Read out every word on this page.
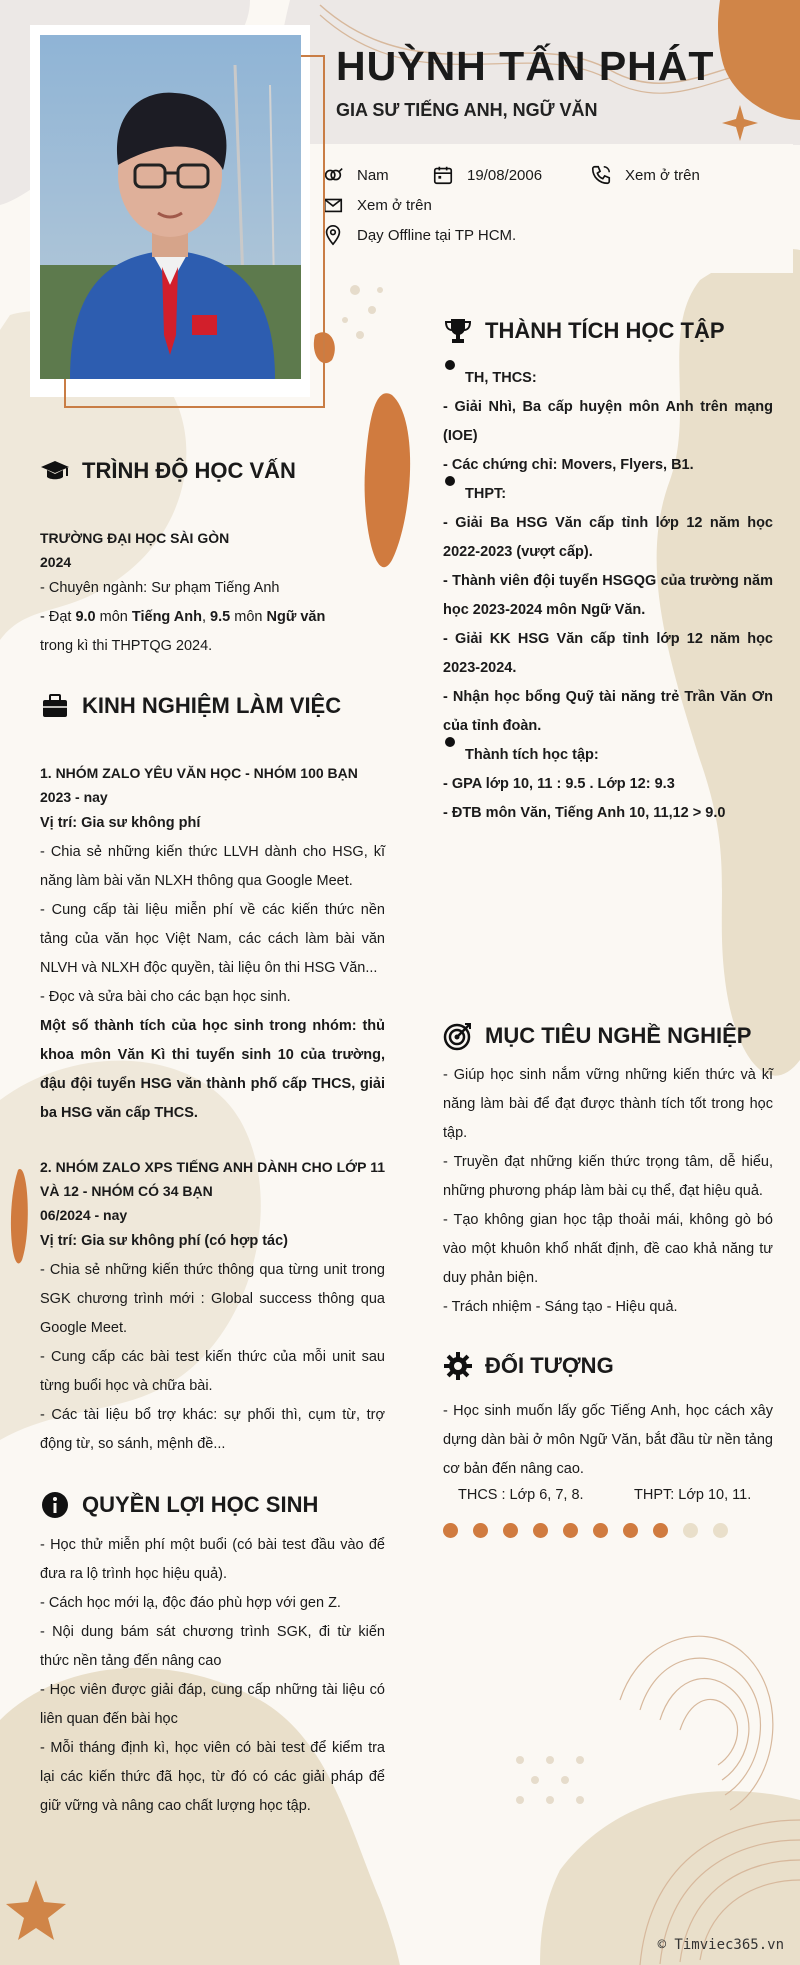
HUỲNH TẤN PHÁT
GIA SƯ TIẾNG ANH, NGỮ VĂN
Nam	19/08/2006	Xem ở trên
Xem ở trên
Dạy Offline tại TP HCM.
TRÌNH ĐỘ HỌC VẤN
TRƯỜNG ĐẠI HỌC SÀI GÒN
2024

- Chuyên ngành: Sư phạm Tiếng Anh

- Đạt 9.0 môn Tiếng Anh, 9.5 môn Ngữ văn
trong kì thi THPTQG 2024.

KINH NGHIỆM LÀM VIỆC
1. NHÓM ZALO YÊU VĂN HỌC - NHÓM 100 BẠN
2023 - nay

Vị trí: Gia sư không phí

- Chia sẻ những kiến thức LLVH dành cho HSG, kĩ năng làm bài văn NLXH thông qua Google Meet.

- Cung cấp tài liệu miễn phí về các kiến thức nền tảng của văn học Việt Nam, các cách làm bài văn NLVH và NLXH độc quyền, tài liệu ôn thi HSG Văn...

- Đọc và sửa bài cho các bạn học sinh.

Một số thành tích của học sinh trong nhóm: thủ khoa môn Văn Kì thi tuyển sinh 10 của trường, đậu đội tuyển HSG văn thành phố cấp THCS, giải ba HSG văn cấp THCS.

2. NHÓM ZALO XPS TIẾNG ANH DÀNH CHO LỚP 11 VÀ 12 - NHÓM CÓ 34 BẠN
06/2024 - nay

Vị trí: Gia sư không phí (có hợp tác)

- Chia sẻ những kiến thức thông qua từng unit trong SGK chương trình mới : Global success thông qua Google Meet.

- Cung cấp các bài test kiến thức của mỗi unit sau từng buổi học và chữa bài.

- Các tài liệu bổ trợ khác: sự phối thì, cụm từ, trợ động từ, so sánh, mệnh đề...

QUYỀN LỢI HỌC SINH

- Học thử miễn phí một buổi (có bài test đầu vào để đưa ra lộ trình học hiệu quả).

- Cách học mới lạ, độc đáo phù hợp với gen Z.

- Nội dung bám sát chương trình SGK, đi từ kiến thức nền tảng đến nâng cao

- Học viên được giải đáp, cung cấp những tài liệu có liên quan đến bài học

- Mỗi tháng định kì, học viên có bài test để kiểm tra lại các kiến thức đã học, từ đó có các giải pháp để giữ vững và nâng cao chất lượng học tập.

THÀNH TÍCH HỌC TẬP
TH, THCS:

- Giải Nhì, Ba cấp huyện môn Anh trên mạng (IOE)

- Các chứng chỉ: Movers, Flyers, B1.

THPT:

- Giải Ba HSG Văn cấp tỉnh lớp 12 năm học 2022-2023 (vượt cấp).

- Thành viên đội tuyển HSGQG của trường năm học 2023-2024 môn Ngữ Văn.

- Giải KK HSG Văn cấp tỉnh lớp 12 năm học 2023-2024.

- Nhận học bổng Quỹ tài năng trẻ Trần Văn Ơn của tỉnh đoàn.

Thành tích học tập:

- GPA lớp 10, 11 : 9.5 . Lớp 12: 9.3

- ĐTB môn Văn, Tiếng Anh 10, 11,12 > 9.0

MỤC TIÊU NGHỀ NGHIỆP

- Giúp học sinh nắm vững những kiến thức và kĩ năng làm bài để đạt được thành tích tốt trong học tập.

- Truyền đạt những kiến thức trọng tâm, dễ hiểu, những phương pháp làm bài cụ thể, đạt hiệu quả.

- Tạo không gian học tập thoải mái, không gò bó vào một khuôn khổ nhất định, đề cao khả năng tư duy phản biện.

- Trách nhiệm - Sáng tạo - Hiệu quả.

ĐỐI TƯỢNG

- Học sinh muốn lấy gốc Tiếng Anh, học cách xây dựng dàn bài ở môn Ngữ Văn, bắt đầu từ nền tảng cơ bản đến nâng cao.

THCS : Lớp 6, 7, 8.	THPT: Lớp 10, 11.
© Timviec365.vn
